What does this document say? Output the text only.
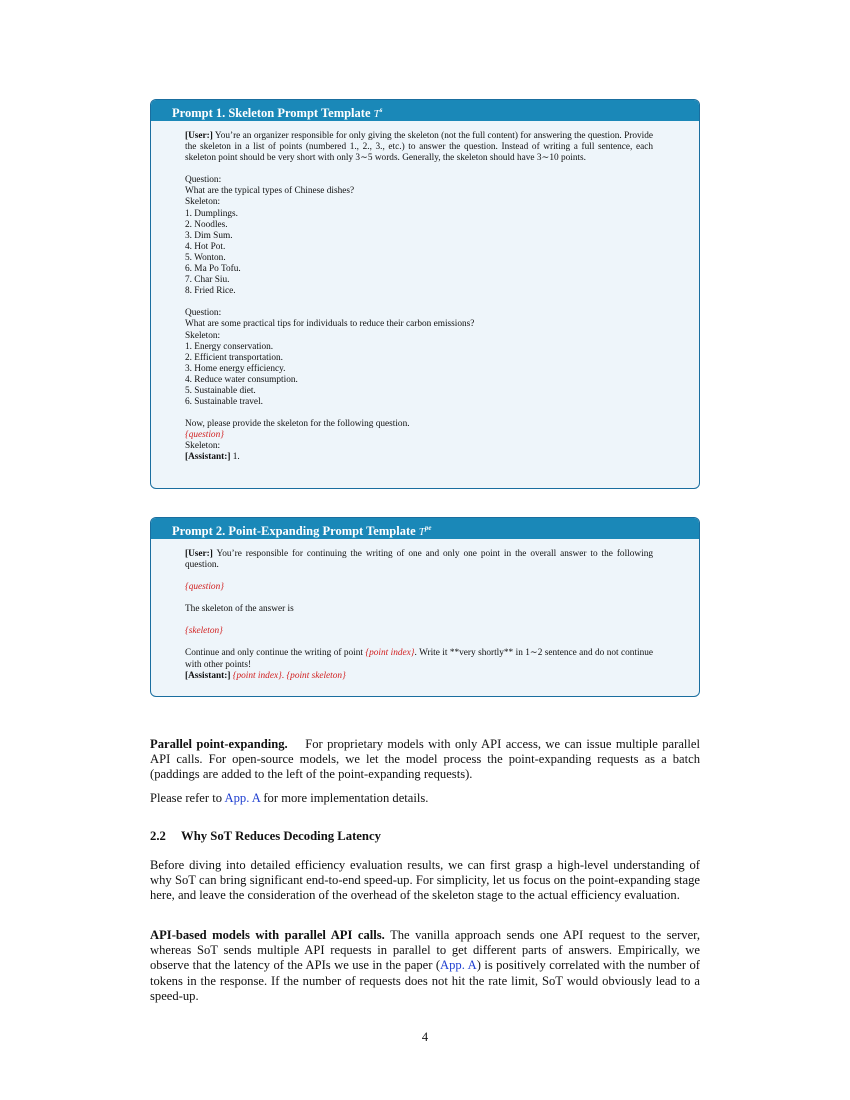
Prompt 1. Skeleton Prompt Template $T^s$

[User:] You’re an organizer responsible for only giving the skeleton (not the full content) for answering the question. Provide the skeleton in a list of points (numbered 1., 2., 3., etc.) to answer the question. Instead of writing a full sentence, each skeleton point should be very short with only 3∼5 words. Generally, the skeleton should have 3∼10 points.

Question:

What are the typical types of Chinese dishes?

Skeleton:

1. Dumplings.

2. Noodles.

3. Dim Sum.

4. Hot Pot.

5. Wonton.

6. Ma Po Tofu.

7. Char Siu.

8. Fried Rice.

Question:

What are some practical tips for individuals to reduce their carbon emissions?

Skeleton:

1. Energy conservation.

2. Efficient transportation.

3. Home energy efficiency.

4. Reduce water consumption.

5. Sustainable diet.

6. Sustainable travel.

Now, please provide the skeleton for the following question.

{question}

Skeleton:

[Assistant:] 1.

Prompt 2. Point-Expanding Prompt Template $T^{pe}$

[User:] You’re responsible for continuing the writing of one and only one point in the overall answer to the following question.

{question}

The skeleton of the answer is

{skeleton}

Continue and only continue the writing of point {point index}. Write it **very shortly** in 1∼2 sentence and do not continue with other points!

[Assistant:] {point index}. {point skeleton}

Parallel point-expanding. For proprietary models with only API access, we can issue multiple parallel API calls. For open-source models, we let the model process the point-expanding requests as a batch (paddings are added to the left of the point-expanding requests).

Please refer to App. A for more implementation details.

2.2 Why SoT Reduces Decoding Latency

Before diving into detailed efficiency evaluation results, we can first grasp a high-level understanding of why SoT can bring significant end-to-end speed-up. For simplicity, let us focus on the point-expanding stage here, and leave the consideration of the overhead of the skeleton stage to the actual efficiency evaluation.

API-based models with parallel API calls. The vanilla approach sends one API request to the server, whereas SoT sends multiple API requests in parallel to get different parts of answers. Empirically, we observe that the latency of the APIs we use in the paper (App. A) is positively correlated with the number of tokens in the response. If the number of requests does not hit the rate limit, SoT would obviously lead to a speed-up.

4
